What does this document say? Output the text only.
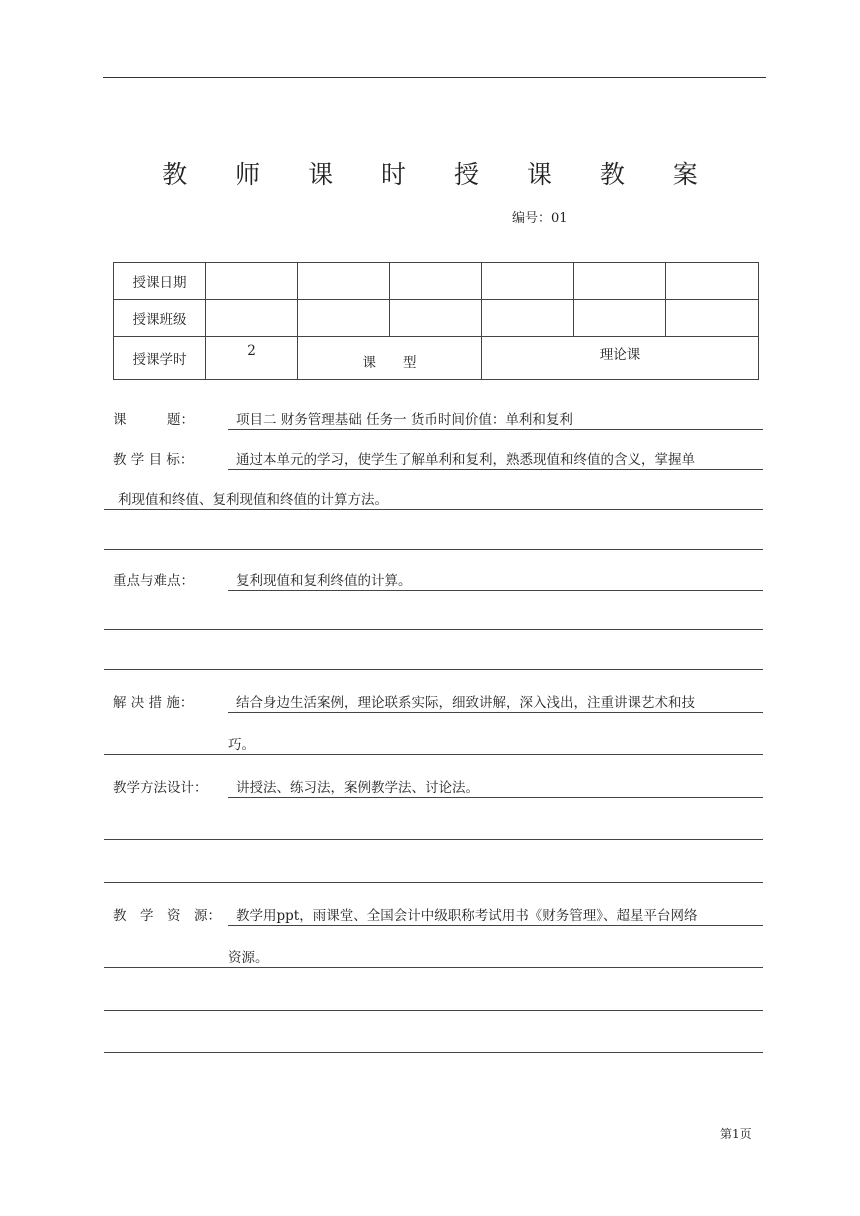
教 师 课 时 授 课 教 案
编号：01
授课日期						
授课班级						
授课学时	2	课　　型		理论课		
课　　　题：	项目二 财务管理基础 任务一 货币时间价值：单利和复利
教 学 目 标：	通过本单元的学习，使学生了解单利和复利，熟悉现值和终值的含义，掌握单
利现值和终值、复利现值和终值的计算方法。
重点与难点：	复利现值和复利终值的计算。
解 决 措 施：	结合身边生活案例，理论联系实际，细致讲解，深入浅出，注重讲课艺术和技
巧。
教学方法设计： 讲授法、练习法，案例教学法、讨论法。
教　学　资　源： 教学用ppt，雨课堂、全国会计中级职称考试用书《财务管理》、超星平台网络
资源。
第1页
